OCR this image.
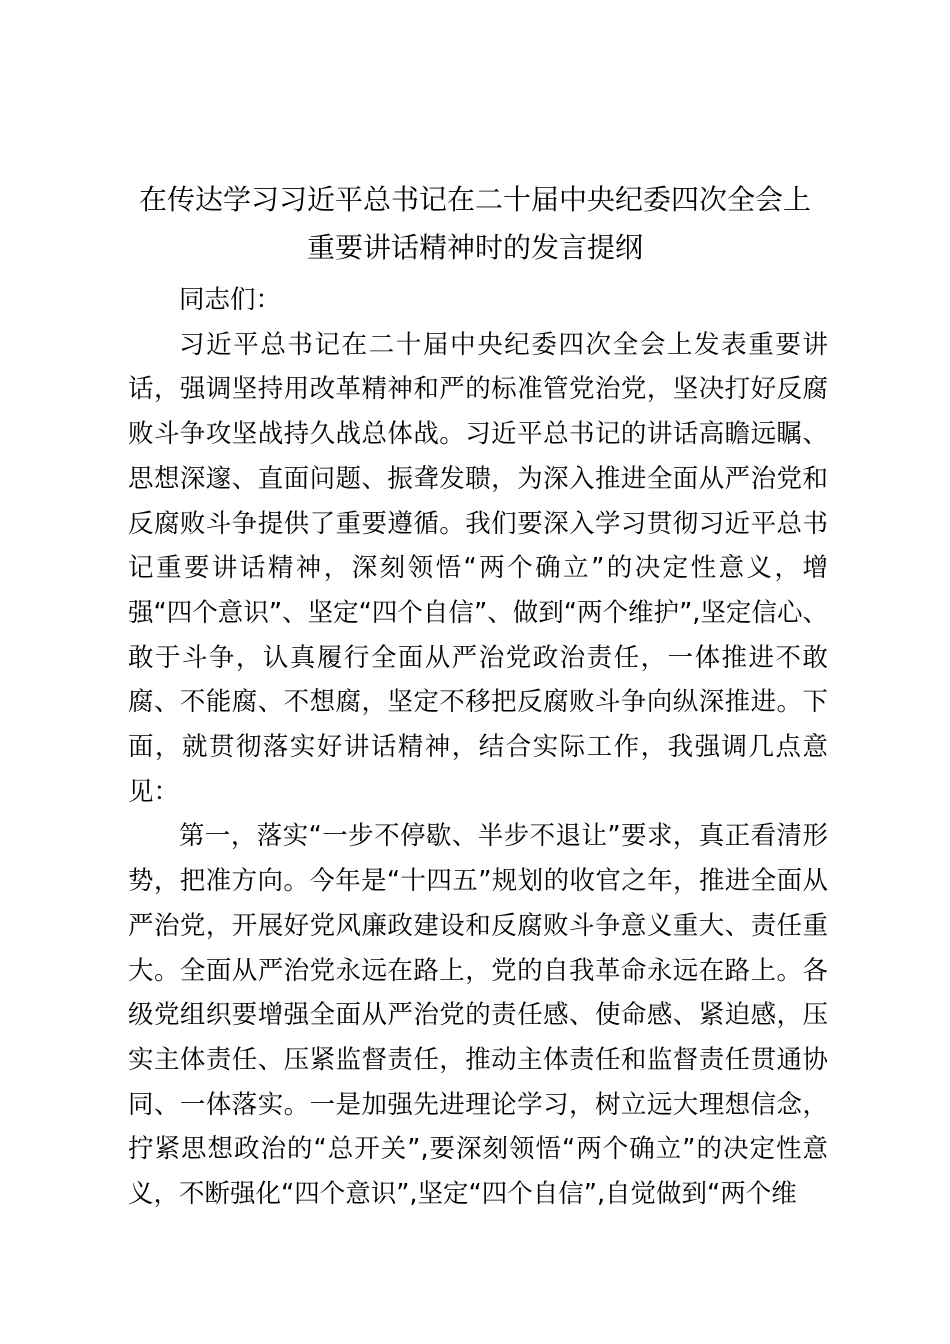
在传达学习习近平总书记在二十届中央纪委四次全会上
重要讲话精神时的发言提纲

同志们：

习近平总书记在二十届中央纪委四次全会上发表重要讲话，强调坚持用改革精神和严的标准管党治党，坚决打好反腐败斗争攻坚战持久战总体战。习近平总书记的讲话高瞻远瞩、思想深邃、直面问题、振聋发聩，为深入推进全面从严治党和反腐败斗争提供了重要遵循。我们要深入学习贯彻习近平总书记重要讲话精神，深刻领悟“两个确立”的决定性意义，增强“四个意识”、坚定“四个自信”、做到“两个维护”,坚定信心、敢于斗争，认真履行全面从严治党政治责任，一体推进不敢腐、不能腐、不想腐，坚定不移把反腐败斗争向纵深推进。下面，就贯彻落实好讲话精神，结合实际工作，我强调几点意见：

第一，落实“一步不停歇、半步不退让”要求，真正看清形势，把准方向。今年是“十四五”规划的收官之年，推进全面从严治党，开展好党风廉政建设和反腐败斗争意义重大、责任重大。全面从严治党永远在路上，党的自我革命永远在路上。各级党组织要增强全面从严治党的责任感、使命感、紧迫感，压实主体责任、压紧监督责任，推动主体责任和监督责任贯通协同、一体落实。一是加强先进理论学习，树立远大理想信念，拧紧思想政治的“总开关”,要深刻领悟“两个确立”的决定性意义，不断强化“四个意识”,坚定“四个自信”,自觉做到“两个维
